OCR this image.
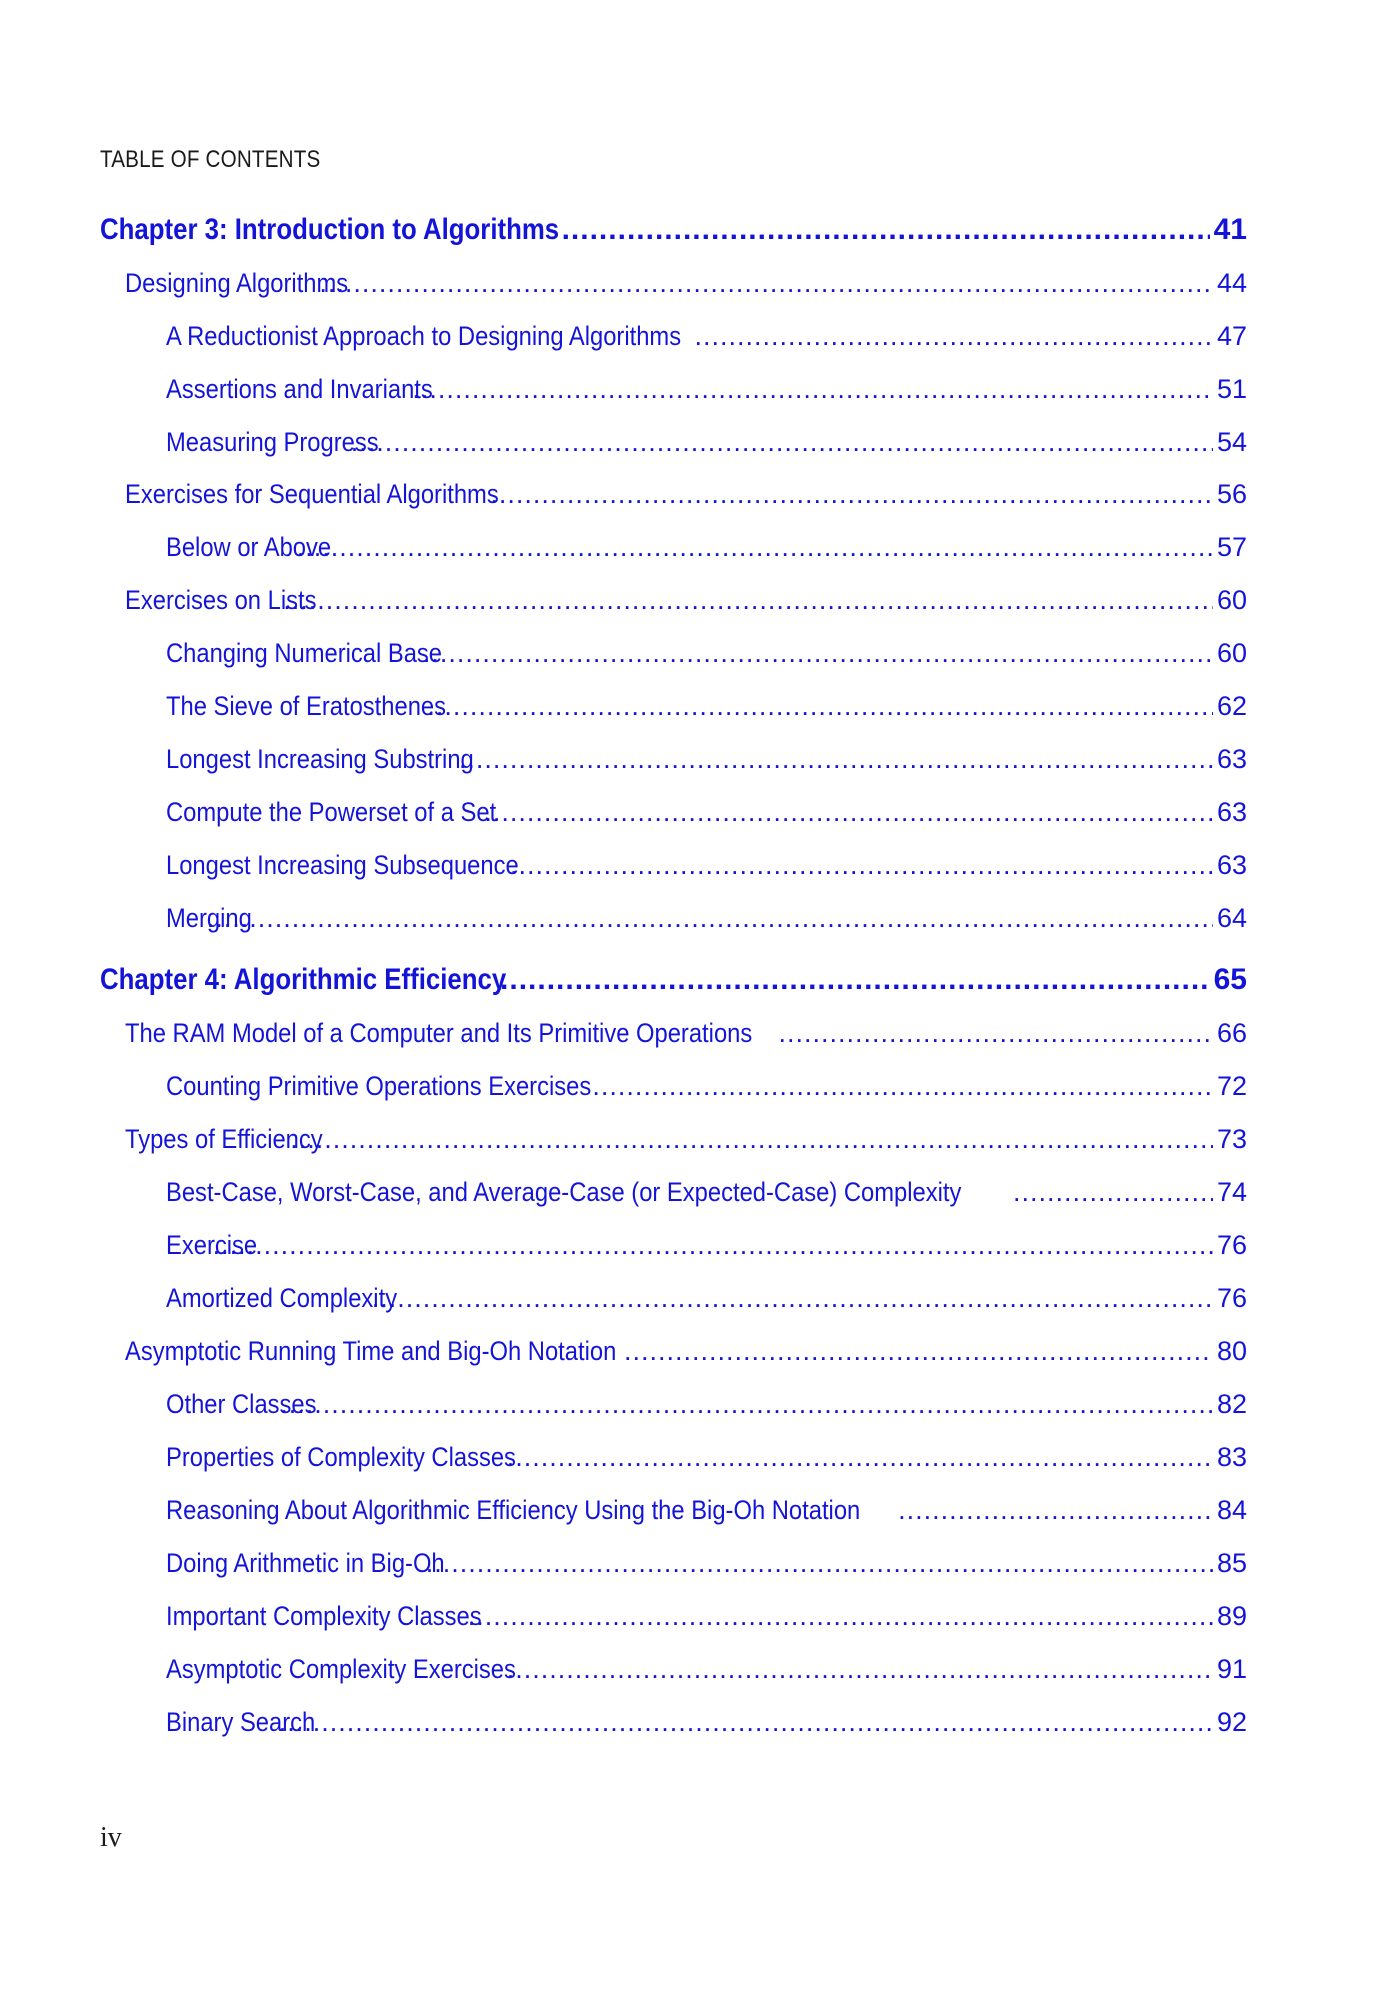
TABLE OF CONTENTS
Chapter 3: Introduction to Algorithms .....	41
Designing Algorithms .....	44
A Reductionist Approach to Designing Algorithms .....	47
Assertions and Invariants .....	51
Measuring Progress .....	54
Exercises for Sequential Algorithms .....	56
Below or Above .....	57
Exercises on Lists .....	60
Changing Numerical Base .....	60
The Sieve of Eratosthenes .....	62
Longest Increasing Substring .....	63
Compute the Powerset of a Set .....	63
Longest Increasing Subsequence .....	63
Merging .....	64
Chapter 4: Algorithmic Efficiency .....	65
The RAM Model of a Computer and Its Primitive Operations .....	66
Counting Primitive Operations Exercises .....	72
Types of Efficiency .....	73
Best-Case, Worst-Case, and Average-Case (or Expected-Case) Complexity .....	74
Exercise .....	76
Amortized Complexity .....	76
Asymptotic Running Time and Big-Oh Notation .....	80
Other Classes .....	82
Properties of Complexity Classes .....	83
Reasoning About Algorithmic Efficiency Using the Big-Oh Notation .....	84
Doing Arithmetic in Big-Oh .....	85
Important Complexity Classes .....	89
Asymptotic Complexity Exercises .....	91
Binary Search .....	92
iv
